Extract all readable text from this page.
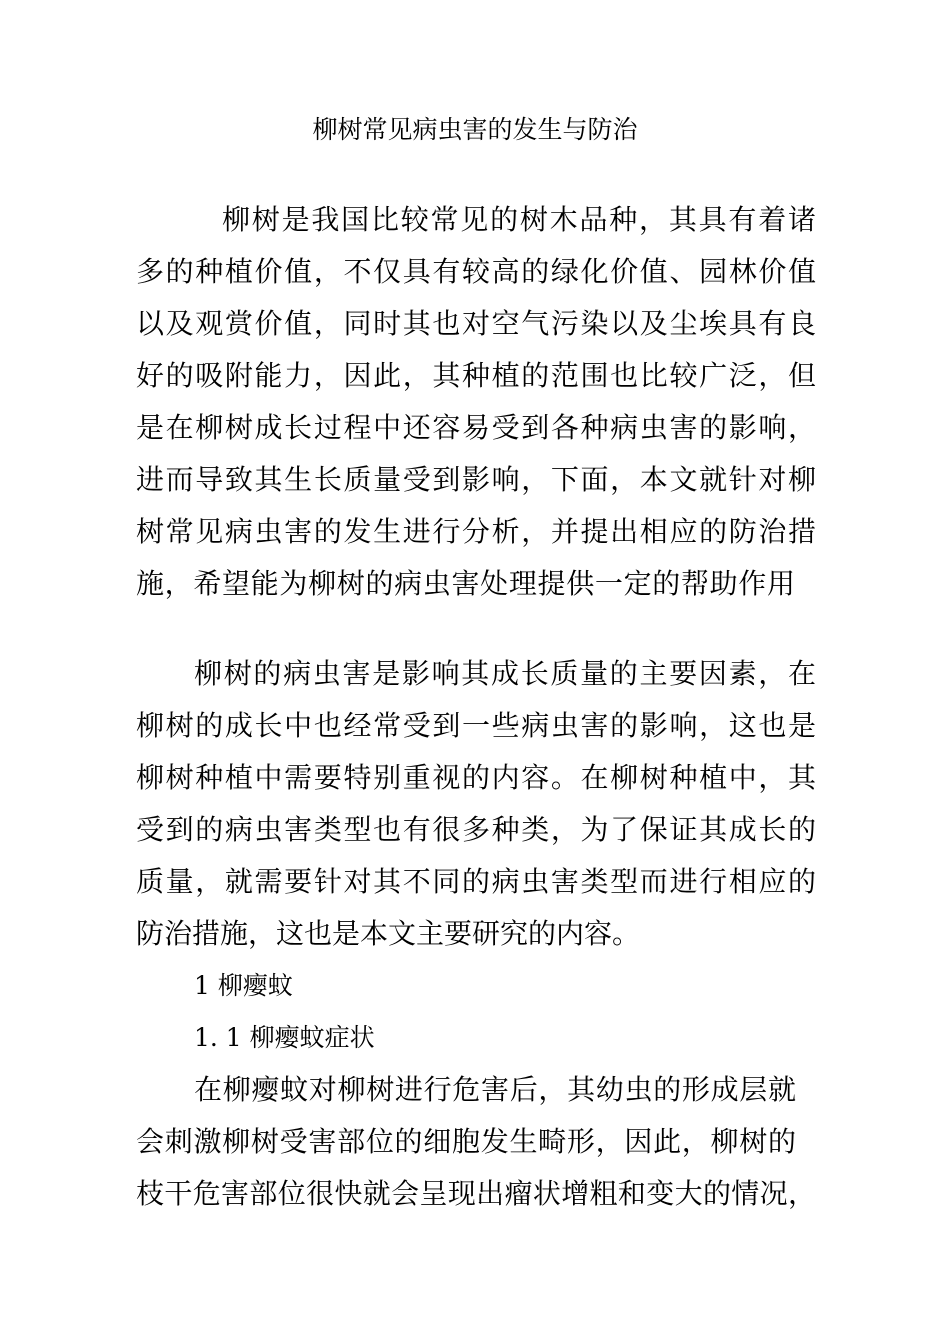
柳树常见病虫害的发生与防治
柳树是我国比较常见的树木品种，其具有着诸
多的种植价值，不仅具有较高的绿化价值、园林价值
以及观赏价值，同时其也对空气污染以及尘埃具有良
好的吸附能力，因此，其种植的范围也比较广泛，但
是在柳树成长过程中还容易受到各种病虫害的影响，
进而导致其生长质量受到影响，下面，本文就针对柳
树常见病虫害的发生进行分析，并提出相应的防治措
施，希望能为柳树的病虫害处理提供一定的帮助作用
柳树的病虫害是影响其成长质量的主要因素，在
柳树的成长中也经常受到一些病虫害的影响，这也是
柳树种植中需要特别重视的内容。在柳树种植中，其
受到的病虫害类型也有很多种类，为了保证其成长的
质量，就需要针对其不同的病虫害类型而进行相应的
防治措施，这也是本文主要研究的内容。
1 柳瘿蚊
1. 1 柳瘿蚊症状
在柳瘿蚊对柳树进行危害后，其幼虫的形成层就
会刺激柳树受害部位的细胞发生畸形，因此，柳树的
枝干危害部位很快就会呈现出瘤状增粗和变大的情况，
